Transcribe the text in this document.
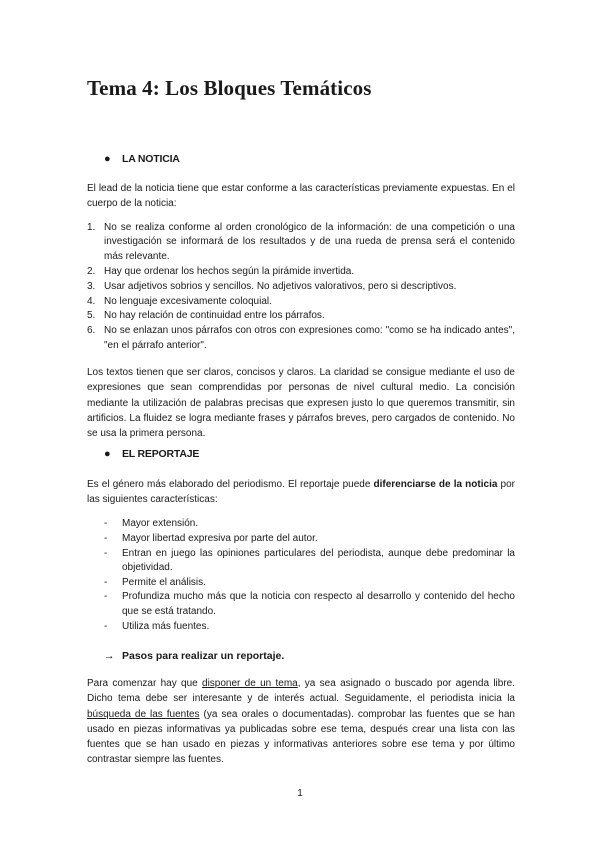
Tema 4: Los Bloques Temáticos
● LA NOTICIA

El lead de la noticia tiene que estar conforme a las características previamente expuestas. En el cuerpo de la noticia:

1. No se realiza conforme al orden cronológico de la información: de una competición o una investigación se informará de los resultados y de una rueda de prensa será el contenido más relevante.
2. Hay que ordenar los hechos según la pirámide invertida.
3. Usar adjetivos sobrios y sencillos. No adjetivos valorativos, pero si descriptivos.
4. No lenguaje excesivamente coloquial.
5. No hay relación de continuidad entre los párrafos.
6. No se enlazan unos párrafos con otros con expresiones como: "como se ha indicado antes", "en el párrafo anterior".

Los textos tienen que ser claros, concisos y claros. La claridad se consigue mediante el uso de expresiones que sean comprendidas por personas de nivel cultural medio. La concisión mediante la utilización de palabras precisas que expresen justo lo que queremos transmitir, sin artificios. La fluidez se logra mediante frases y párrafos breves, pero cargados de contenido. No se usa la primera persona.

● EL REPORTAJE

Es el género más elaborado del periodismo. El reportaje puede diferenciarse de la noticia por las siguientes características:

- Mayor extensión.
- Mayor libertad expresiva por parte del autor.
- Entran en juego las opiniones particulares del periodista, aunque debe predominar la objetividad.
- Permite el análisis.
- Profundiza mucho más que la noticia con respecto al desarrollo y contenido del hecho que se está tratando.
- Utiliza más fuentes.
→ Pasos para realizar un reportaje.

Para comenzar hay que disponer de un tema, ya sea asignado o buscado por agenda libre. Dicho tema debe ser interesante y de interés actual. Seguidamente, el periodista inicia la búsqueda de las fuentes (ya sea orales o documentadas). comprobar las fuentes que se han usado en piezas informativas ya publicadas sobre ese tema, después crear una lista con las fuentes que se han usado en piezas y informativas anteriores sobre ese tema y por último contrastar siempre las fuentes.

1
